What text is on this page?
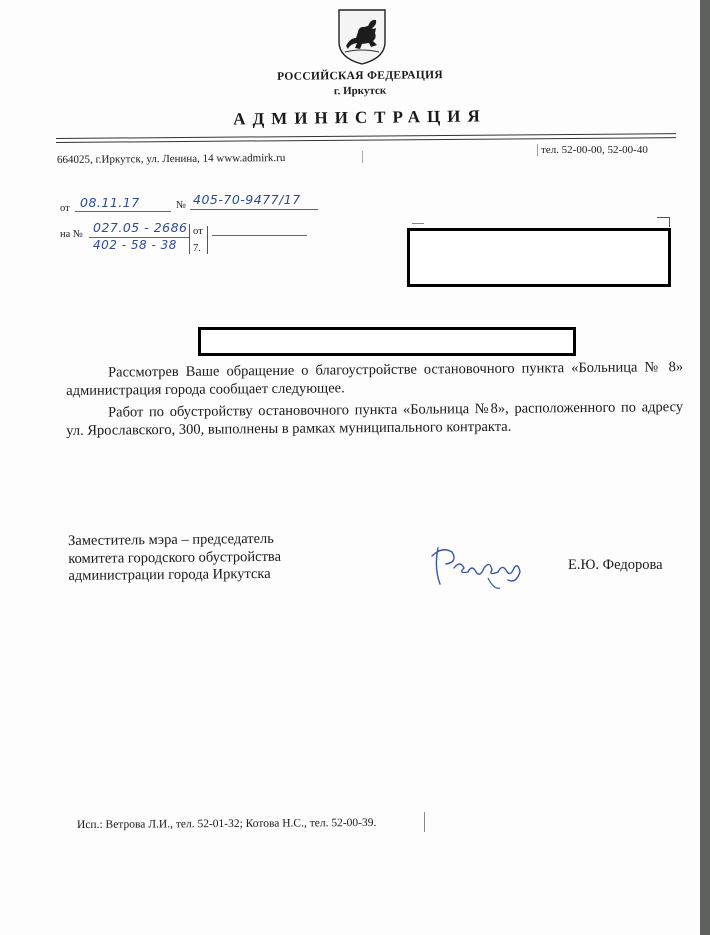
РОССИЙСКАЯ ФЕДЕРАЦИЯ
г. Иркутск
АДМИНИСТРАЦИЯ
664025, г.Иркутск, ул. Ленина, 14 www.admirk.ru
тел. 52-00-00, 52-00-40
от 08.11.17	№ 405-70-9477/17
на № 027.05 - 2686
402 - 58 - 38
от
7.

Рассмотрев Ваше обращение о благоустройстве остановочного пункта «Больница № 8» администрация города сообщает следующее.

Работ по обустройству остановочного пункта «Больница №8», расположенного по адресу ул. Ярославского, 300, выполнены в рамках муниципального контракта.

Заместитель мэра – председатель
комитета городского обустройства
администрации города Иркутска
Е.Ю. Федорова
Исп.: Ветрова Л.И., тел. 52-01-32; Котова Н.С., тел. 52-00-39.
